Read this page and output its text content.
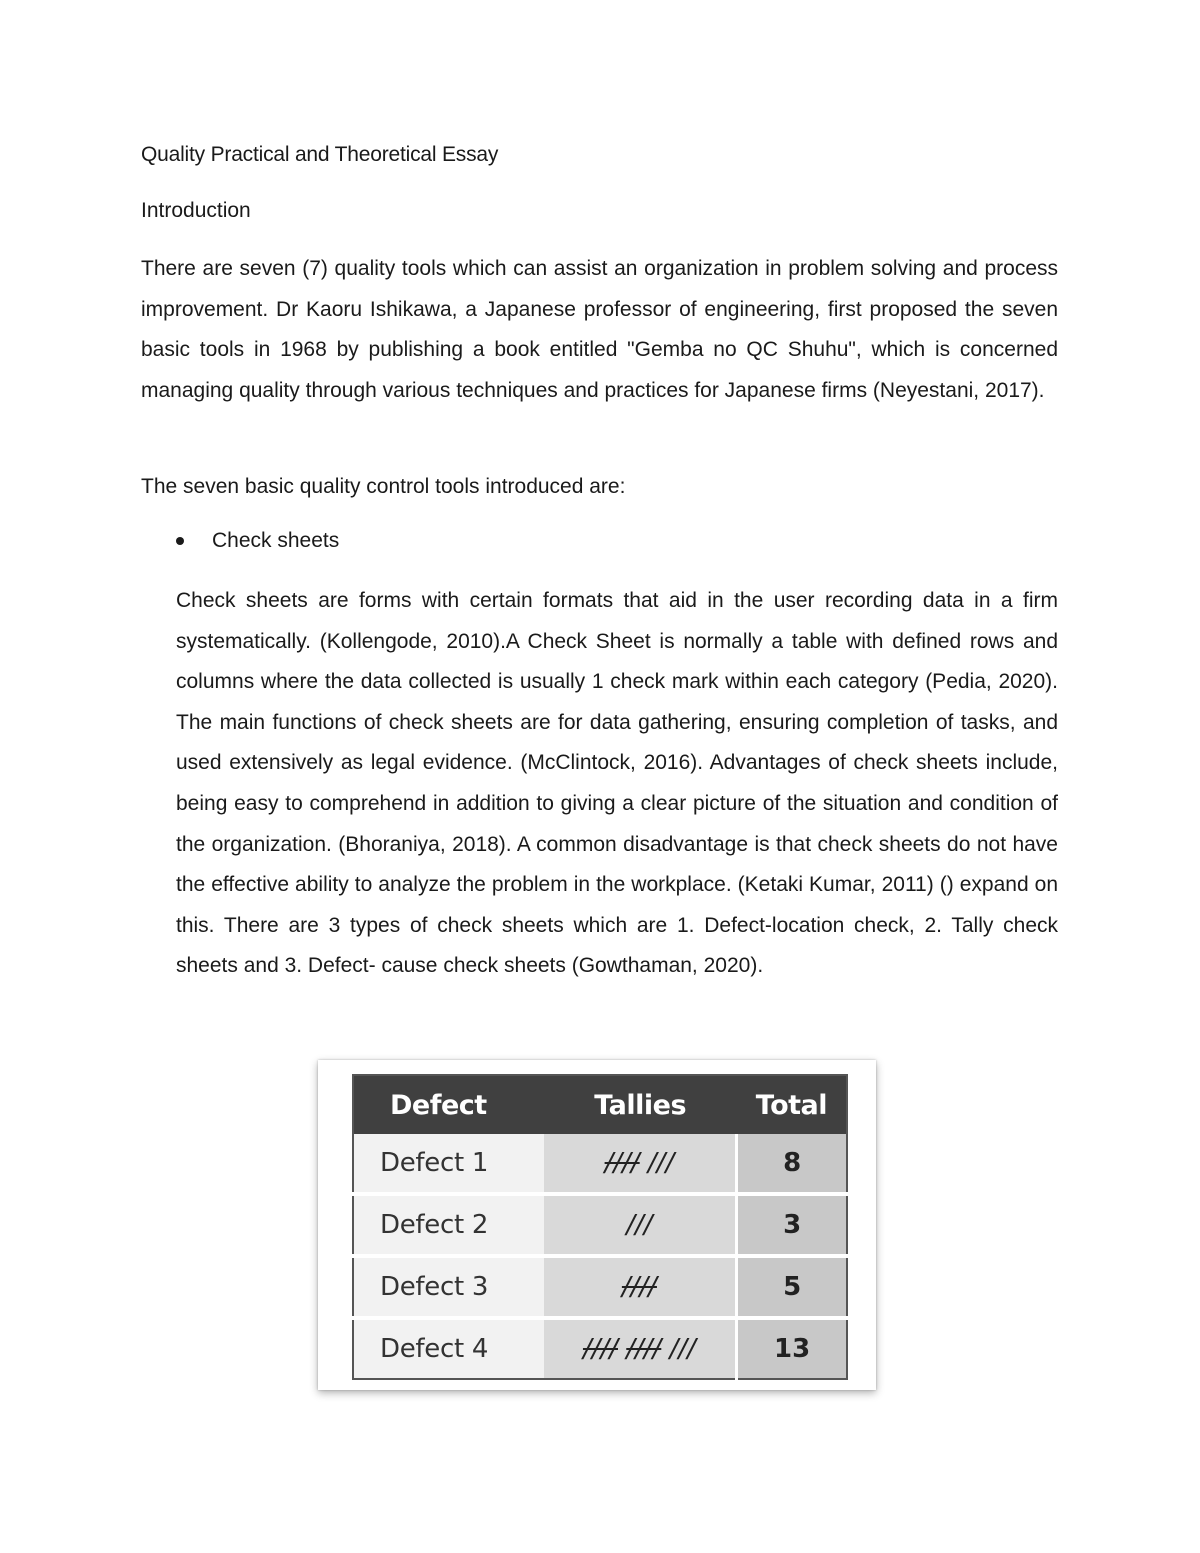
Quality Practical and Theoretical Essay
Introduction

There are seven (7) quality tools which can assist an organization in problem solving and process improvement. Dr Kaoru Ishikawa, a Japanese professor of engineering, first proposed the seven basic tools in 1968 by publishing a book entitled "Gemba no QC Shuhu", which is concerned managing quality through various techniques and practices for Japanese firms (Neyestani, 2017).

The seven basic quality control tools introduced are:

Check sheets

Check sheets are forms with certain formats that aid in the user recording data in a firm systematically. (Kollengode, 2010).A Check Sheet is normally a table with defined rows and columns where the data collected is usually 1 check mark within each category (Pedia, 2020). The main functions of check sheets are for data gathering, ensuring completion of tasks, and used extensively as legal evidence. (McClintock, 2016). Advantages of check sheets include, being easy to comprehend in addition to giving a clear picture of the situation and condition of the organization. (Bhoraniya, 2018). A common disadvantage is that check sheets do not have the effective ability to analyze the problem in the workplace. (Ketaki Kumar, 2011) () expand on this. There are 3 types of check sheets which are 1. Defect-location check, 2. Tally check sheets and 3. Defect- cause check sheets (Gowthaman, 2020).

Defect	Tallies	Total
Defect 1	//// ///	8
Defect 2	///	3
Defect 3	////	5
Defect 4	//// //// ///	13
